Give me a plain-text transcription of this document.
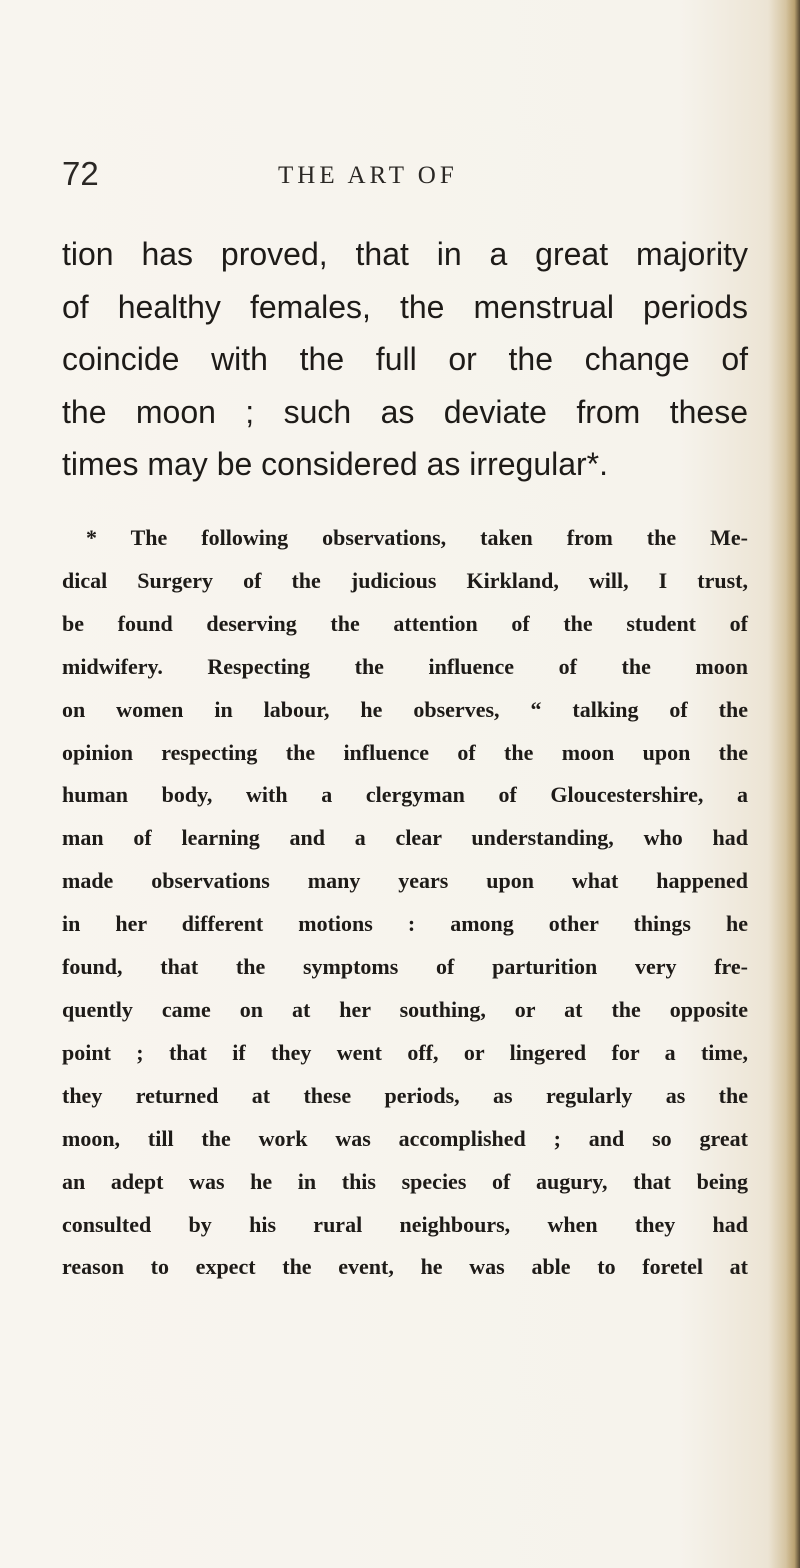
72	THE ART OF

tion has proved, that in a great majority
of healthy females, the menstrual periods
coincide with the full or the change of
the moon ; such as deviate from these
times may be considered as irregular*.

* The following observations, taken from the Me-
dical Surgery of the judicious Kirkland, will, I trust,
be found deserving the attention of the student of
midwifery. Respecting the influence of the moon
on women in labour, he observes, “ talking of the
opinion respecting the influence of the moon upon the
human body, with a clergyman of Gloucestershire, a
man of learning and a clear understanding, who had
made observations many years upon what happened
in her different motions : among other things he
found, that the symptoms of parturition very fre-
quently came on at her southing, or at the opposite
point ; that if they went off, or lingered for a time,
they returned at these periods, as regularly as the
moon, till the work was accomplished ; and so great
an adept was he in this species of augury, that being
consulted by his rural neighbours, when they had
reason to expect the event, he was able to foretel at
